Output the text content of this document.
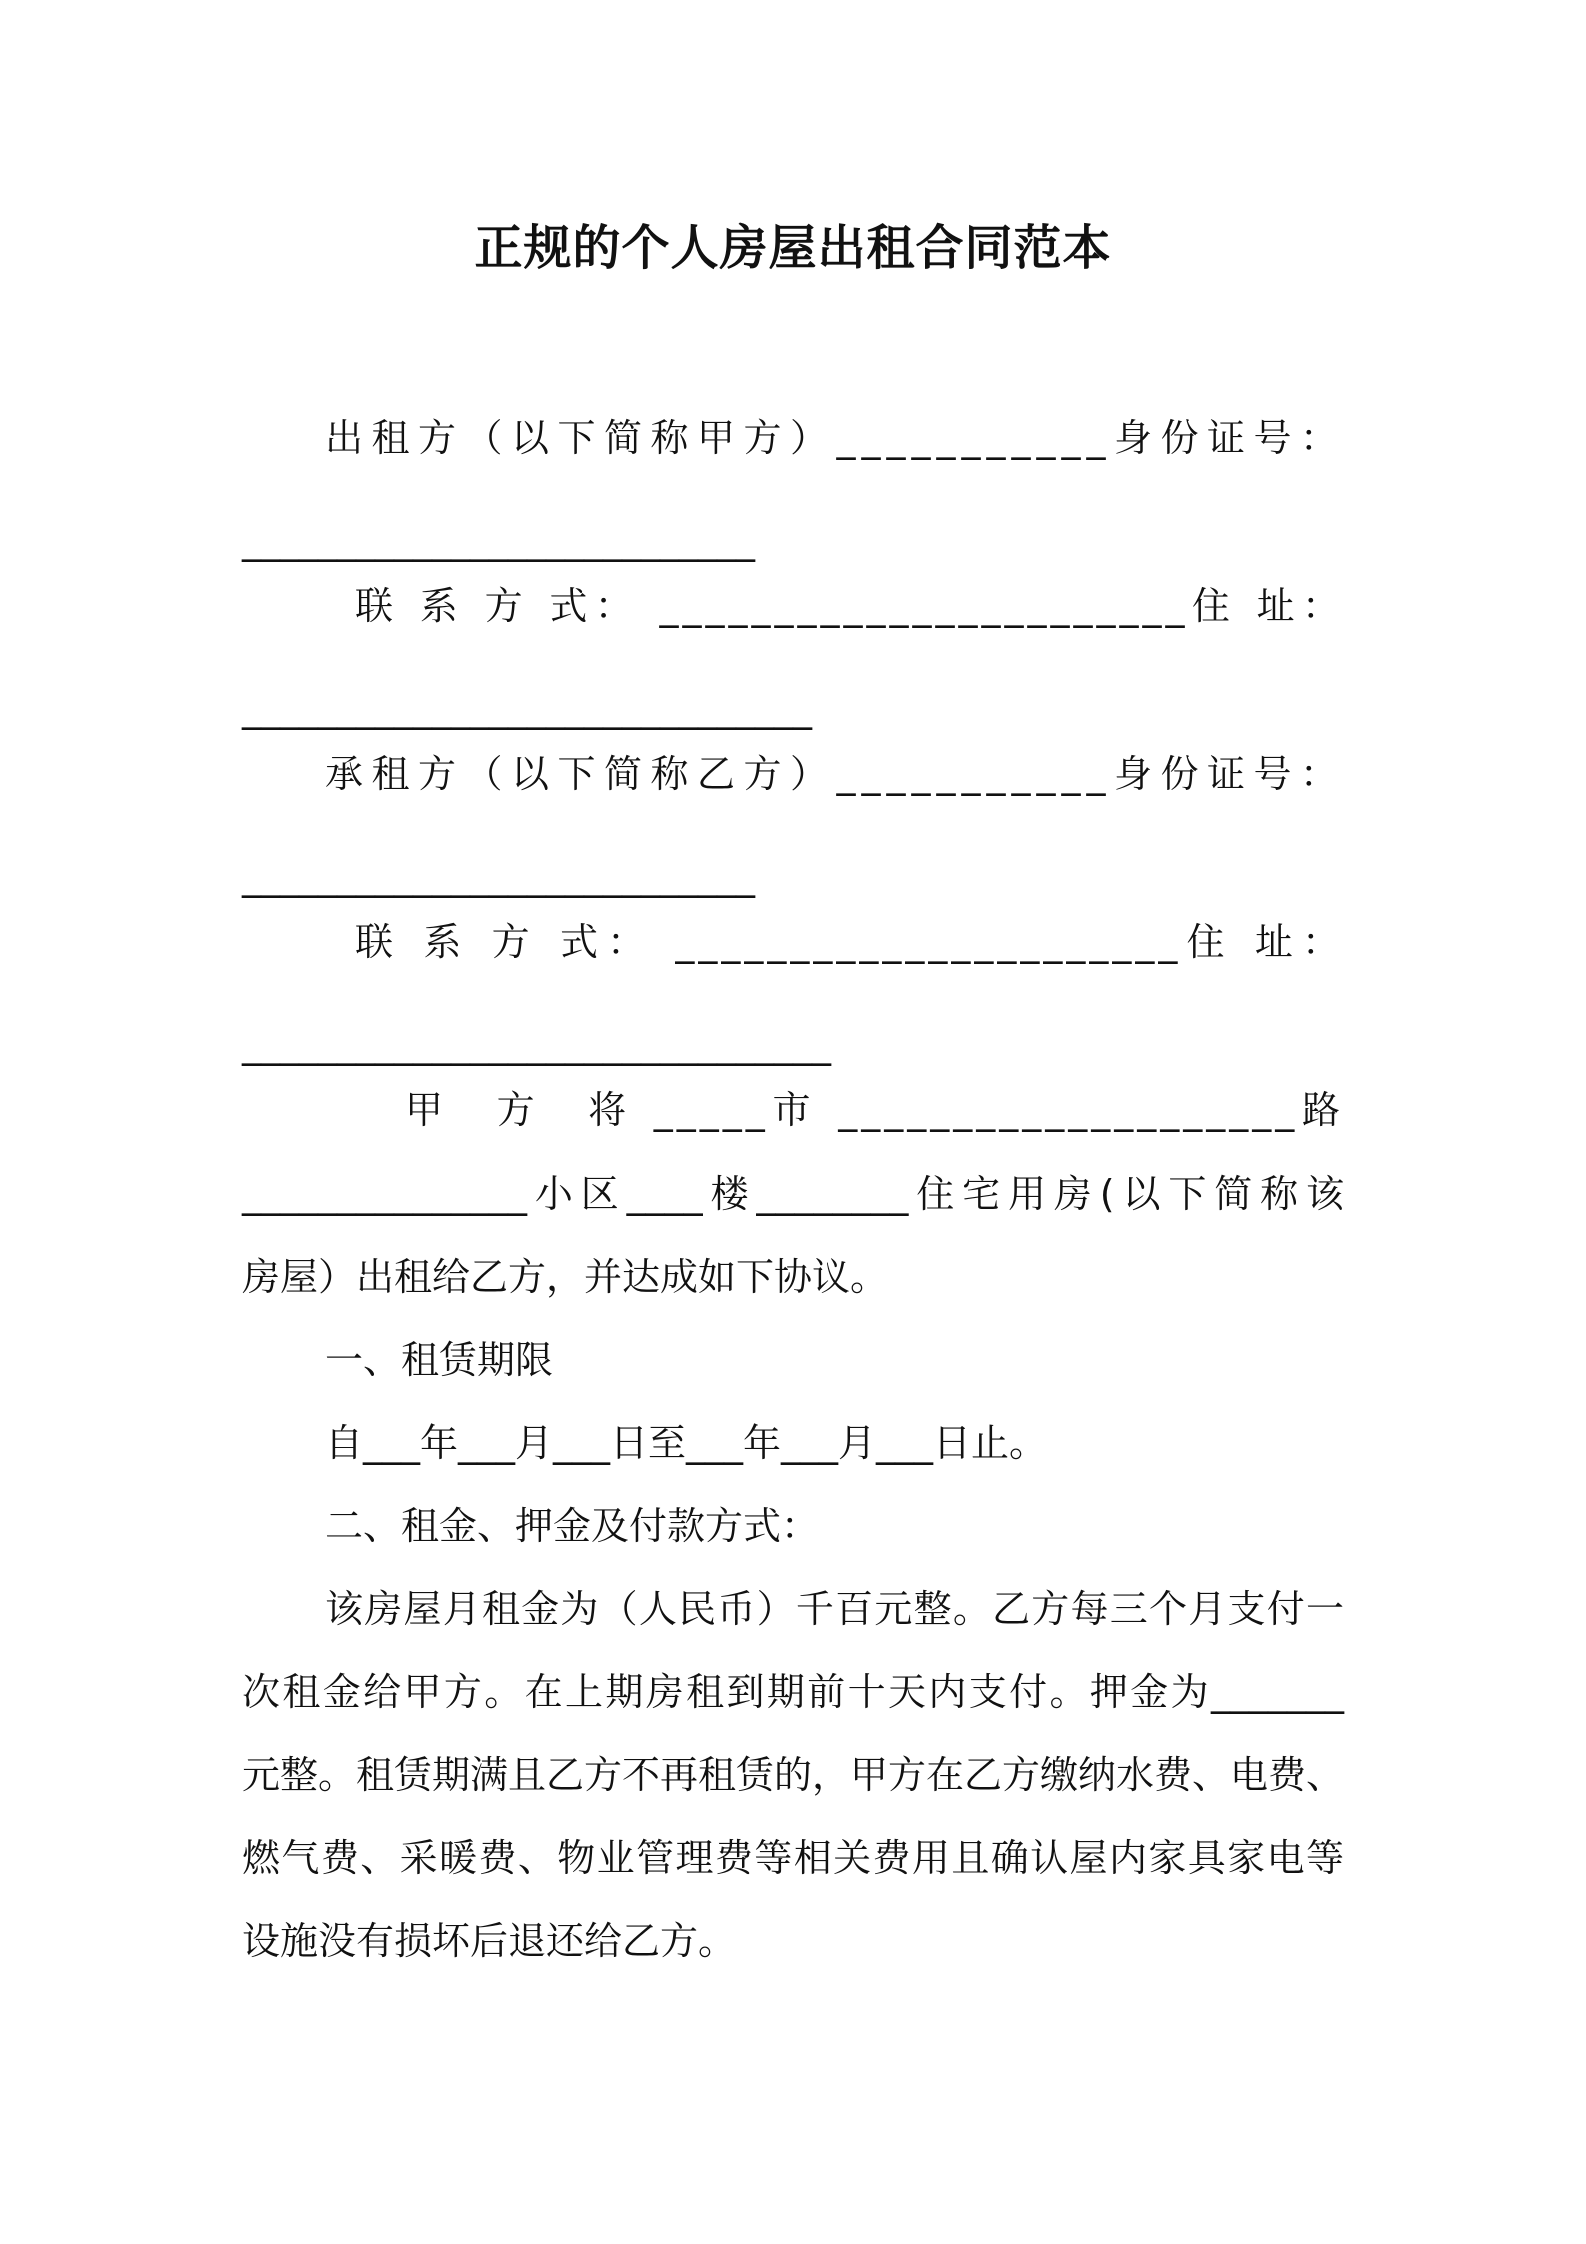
正规的个人房屋出租合同范本
出租方（以下简称甲方）___________身份证号：
___________________________
联 系 方 式： _______________________住 址：
______________________________
承租方（以下简称乙方）___________身份证号：
___________________________
联 系 方 式： ______________________住 址：
_______________________________
甲　方　将 _____市 ____________________路
_______________小区____楼________住宅用房(以下简称该
房屋）出租给乙方，并达成如下协议。
一、租赁期限
自___年___月___日至___年___月___日止。
二、租金、押金及付款方式：
该房屋月租金为（人民币）千百元整。乙方每三个月支付一
次租金给甲方。在上期房租到期前十天内支付。押金为_______
元整。租赁期满且乙方不再租赁的，甲方在乙方缴纳水费、电费、
燃气费、采暖费、物业管理费等相关费用且确认屋内家具家电等
设施没有损坏后退还给乙方。
